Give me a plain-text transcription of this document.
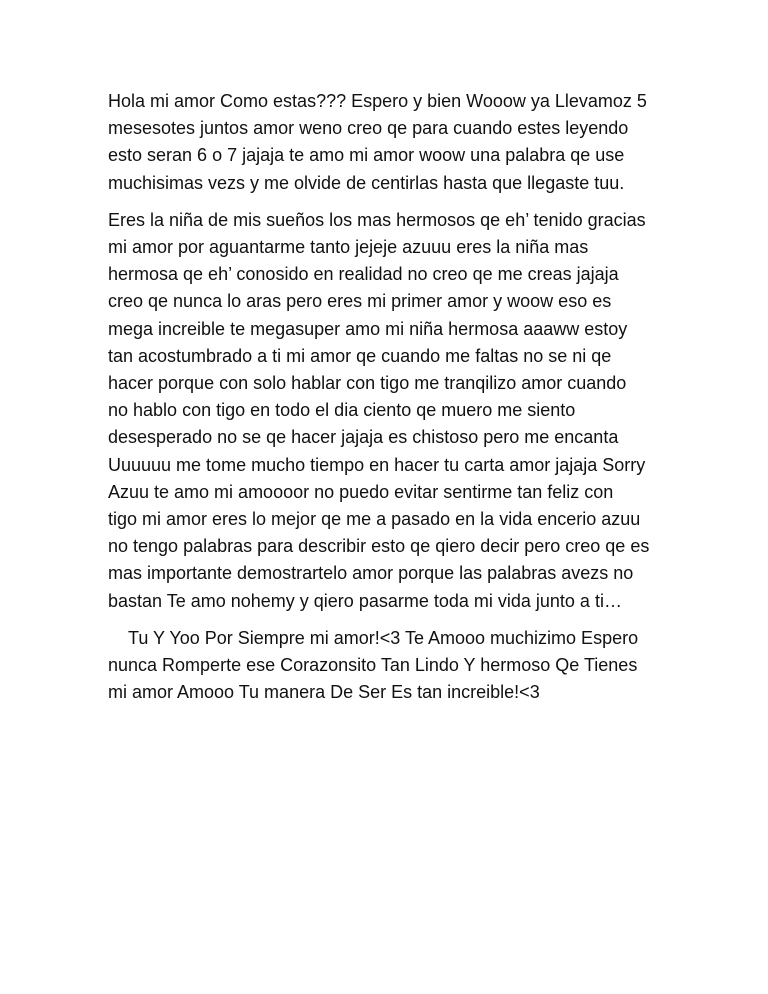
Hola mi amor Como estas??? Espero y bien Wooow ya Llevamoz 5
mesesotes juntos amor weno creo qe para cuando estes leyendo
esto seran 6 o 7 jajaja te amo mi amor woow una palabra qe use
muchisimas vezs y me olvide de centirlas hasta que llegaste tuu.

Eres la niña de mis sueños los mas hermosos qe eh’ tenido gracias
mi amor por aguantarme tanto jejeje azuuu eres la niña mas
hermosa qe eh’ conosido en realidad no creo qe me creas jajaja
creo qe nunca lo aras pero eres mi primer amor y woow eso es
mega increible te megasuper amo mi niña hermosa aaaww estoy
tan acostumbrado a ti mi amor qe cuando me faltas no se ni qe
hacer porque con solo hablar con tigo me tranqilizo amor cuando
no hablo con tigo en todo el dia ciento qe muero me siento
desesperado no se qe hacer jajaja es chistoso pero me encanta
Uuuuuu me tome mucho tiempo en hacer tu carta amor jajaja Sorry
Azuu te amo mi amoooor no puedo evitar sentirme tan feliz con
tigo mi amor eres lo mejor qe me a pasado en la vida encerio azuu
no tengo palabras para describir esto qe qiero decir pero creo qe es
mas importante demostrartelo amor porque las palabras avezs no
bastan Te amo nohemy y qiero pasarme toda mi vida junto a ti…

Tu Y Yoo Por Siempre mi amor!<3 Te Amooo muchizimo Espero
nunca Romperte ese Corazonsito Tan Lindo Y hermoso Qe Tienes
mi amor Amooo Tu manera De Ser Es tan increible!<3
